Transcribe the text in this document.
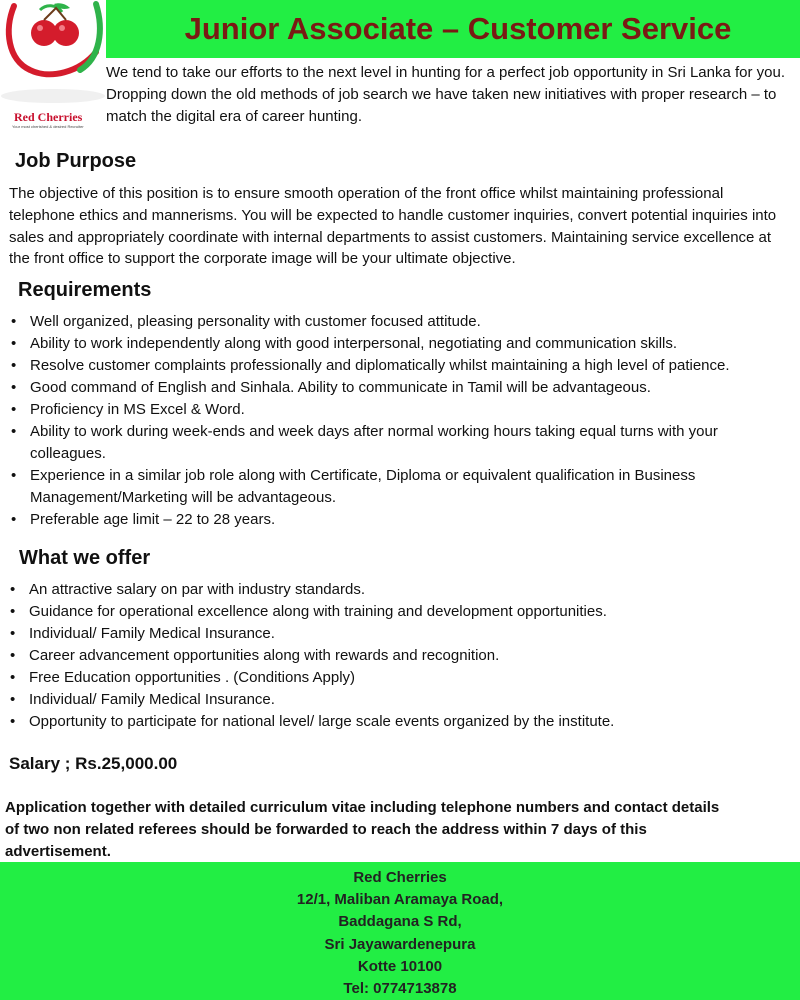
Red Cherries
Your most cherished & desired Recruiter
Junior Associate – Customer Service

We tend to take our efforts to the next level in hunting for a perfect job opportunity in Sri Lanka for you. Dropping down the old methods of job search we have taken new initiatives with proper research – to match the digital era of career hunting.

Job Purpose

The objective of this position is to ensure smooth operation of the front office whilst maintaining professional telephone ethics and mannerisms. You will be expected to handle customer inquiries, convert potential inquiries into sales and appropriately coordinate with internal departments to assist customers. Maintaining service excellence at the front office to support the corporate image will be your ultimate objective.

Requirements
• Well organized, pleasing personality with customer focused attitude.
• Ability to work independently along with good interpersonal, negotiating and communication skills.
• Resolve customer complaints professionally and diplomatically whilst maintaining a high level of patience.
• Good command of English and Sinhala. Ability to communicate in Tamil will be advantageous.
• Proficiency in MS Excel & Word.
• Ability to work during week-ends and week days after normal working hours taking equal turns with your colleagues.
• Experience in a similar job role along with Certificate, Diploma or equivalent qualification in Business Management/Marketing will be advantageous.
• Preferable age limit – 22 to 28 years.
What we offer
• An attractive salary on par with industry standards.
• Guidance for operational excellence along with training and development opportunities.
• Individual/ Family Medical Insurance.
• Career advancement opportunities along with rewards and recognition.
• Free Education opportunities . (Conditions Apply)
• Individual/ Family Medical Insurance.
• Opportunity to participate for national level/ large scale events organized by the institute.
Salary ; Rs.25,000.00

Application together with detailed curriculum vitae including telephone numbers and contact details of two non related referees should be forwarded to reach the address within 7 days of this advertisement.

Red Cherries
12/1, Maliban Aramaya Road,
Baddagana S Rd,
Sri Jayawardenepura
Kotte 10100
Tel: 0774713878
